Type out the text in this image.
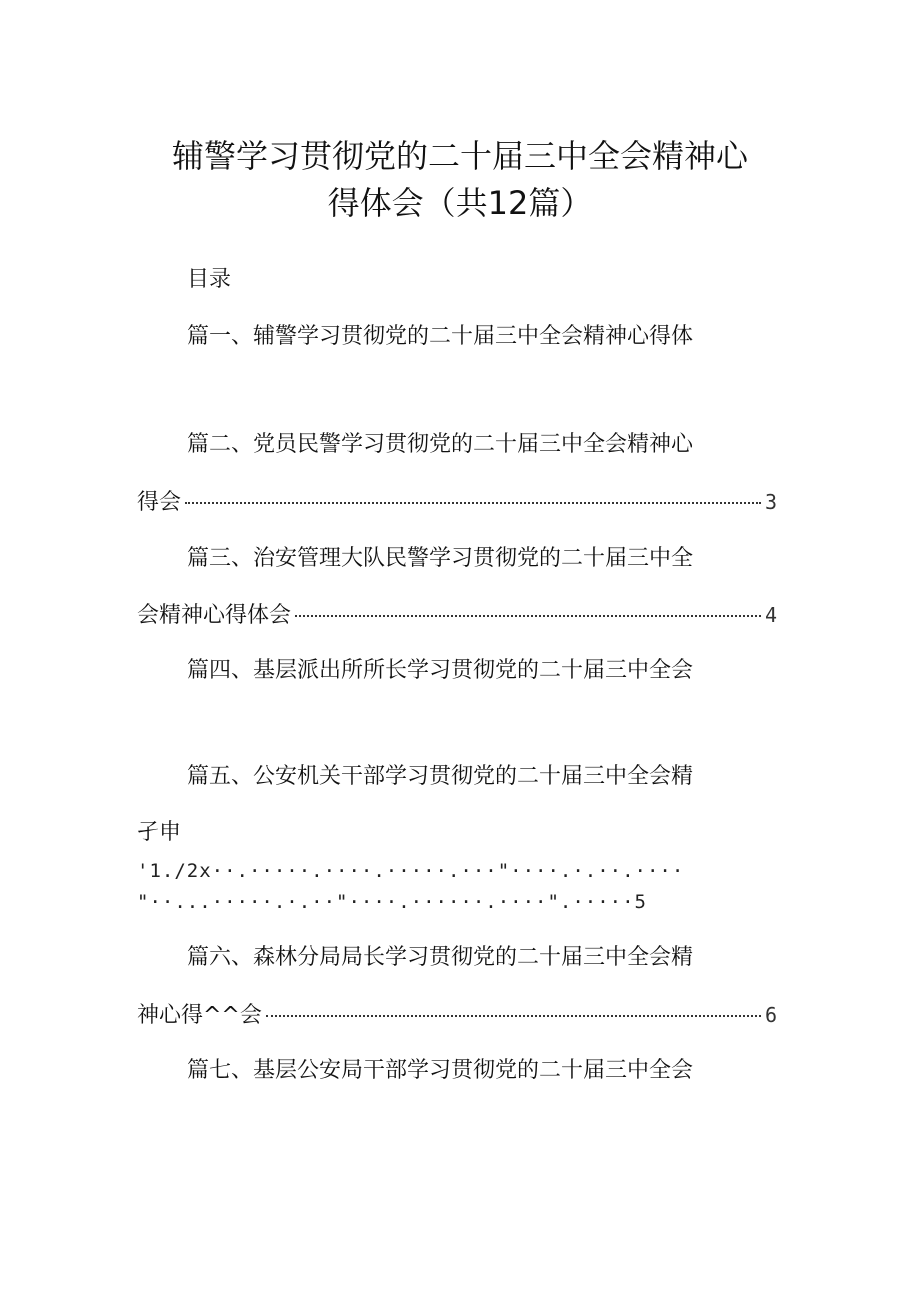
辅警学习贯彻党的二十届三中全会精神心
得体会（共12篇）
目录
篇一、辅警学习贯彻党的二十届三中全会精神心得体
篇二、党员民警学习贯彻党的二十届三中全会精神心
得会	3
篇三、治安管理大队民警学习贯彻党的二十届三中全
会精神心得体会	4
篇四、基层派出所所长学习贯彻党的二十届三中全会
篇五、公安机关干部学习贯彻党的二十届三中全会精
孑申
'1./2x··.·····.····.·····.···"····.·.··.····
"··...·····.·.··"····.······.····".·····5
篇六、森林分局局长学习贯彻党的二十届三中全会精
神心得^^会	6
篇七、基层公安局干部学习贯彻党的二十届三中全会
